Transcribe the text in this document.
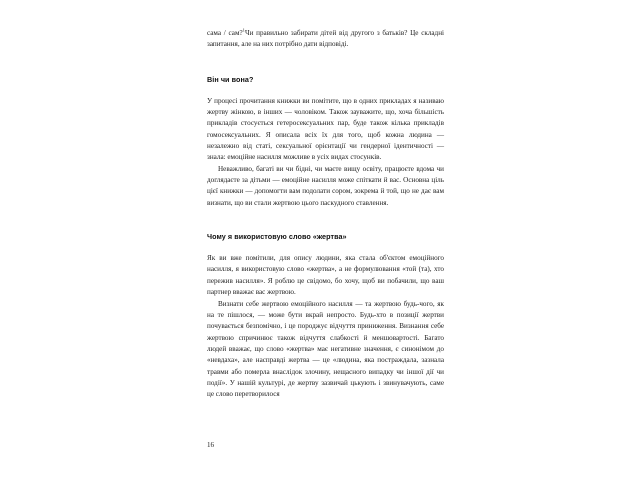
сама / сам?$^1$Чи правильно забирати дітей від другого з батьків? Це складні запитання, але на них потрібно дати відповіді.

Він чи вона?

У процесі прочитання книжки ви помітите, що в одних прикладах я називаю жертву жінкою, в інших — чоловіком. Також зауважите, що, хоча більшість прикладів стосується гетеросексуальних пар, буде також кілька прикладів гомосексуальних. Я описала всіх їх для того, щоб кожна людина — незалежно від статі, сексуальної орієнтації чи гендерної ідентичності — знала: емоційне насилля можливе в усіх видах стосунків.

Неважливо, багаті ви чи бідні, чи маєте вищу освіту, працюєте вдома чи доглядаєте за дітьми — емоційне насилля може спіткати й вас. Основна ціль цієї книжки — допомогти вам подолати сором, зокрема й той, що не дає вам визнати, що ви стали жертвою цього паскудного ставлення.

Чому я використовую слово «жертва»

Як ви вже помітили, для опису людини, яка стала об'єктом емоційного насилля, я використовую слово «жертва», а не формулювання «той (та), хто пережив насилля». Я роблю це свідомо, бо хочу, щоб ви побачили, що ваш партнер вважає вас жертвою.

Визнати себе жертвою емоційного насилля — та жертвою будь-чого, як на те пішлося, — може бути вкрай непросто. Будь-хто в позиції жертви почувається безпомічно, і це породжує відчуття приниження. Визнання себе жертвою спричинює також відчуття слабкості й меншовартості. Багато людей вважає, що слово «жертва» має негативне значення, є синонімом до «невдаха», але насправді жертва — це «людина, яка постраждала, зазнала травми або померла внаслідок злочину, нещасного випадку чи іншої дії чи події». У нашій культурі, де жертву зазвичай цькують і звинувачують, саме це слово перетворилося

16
